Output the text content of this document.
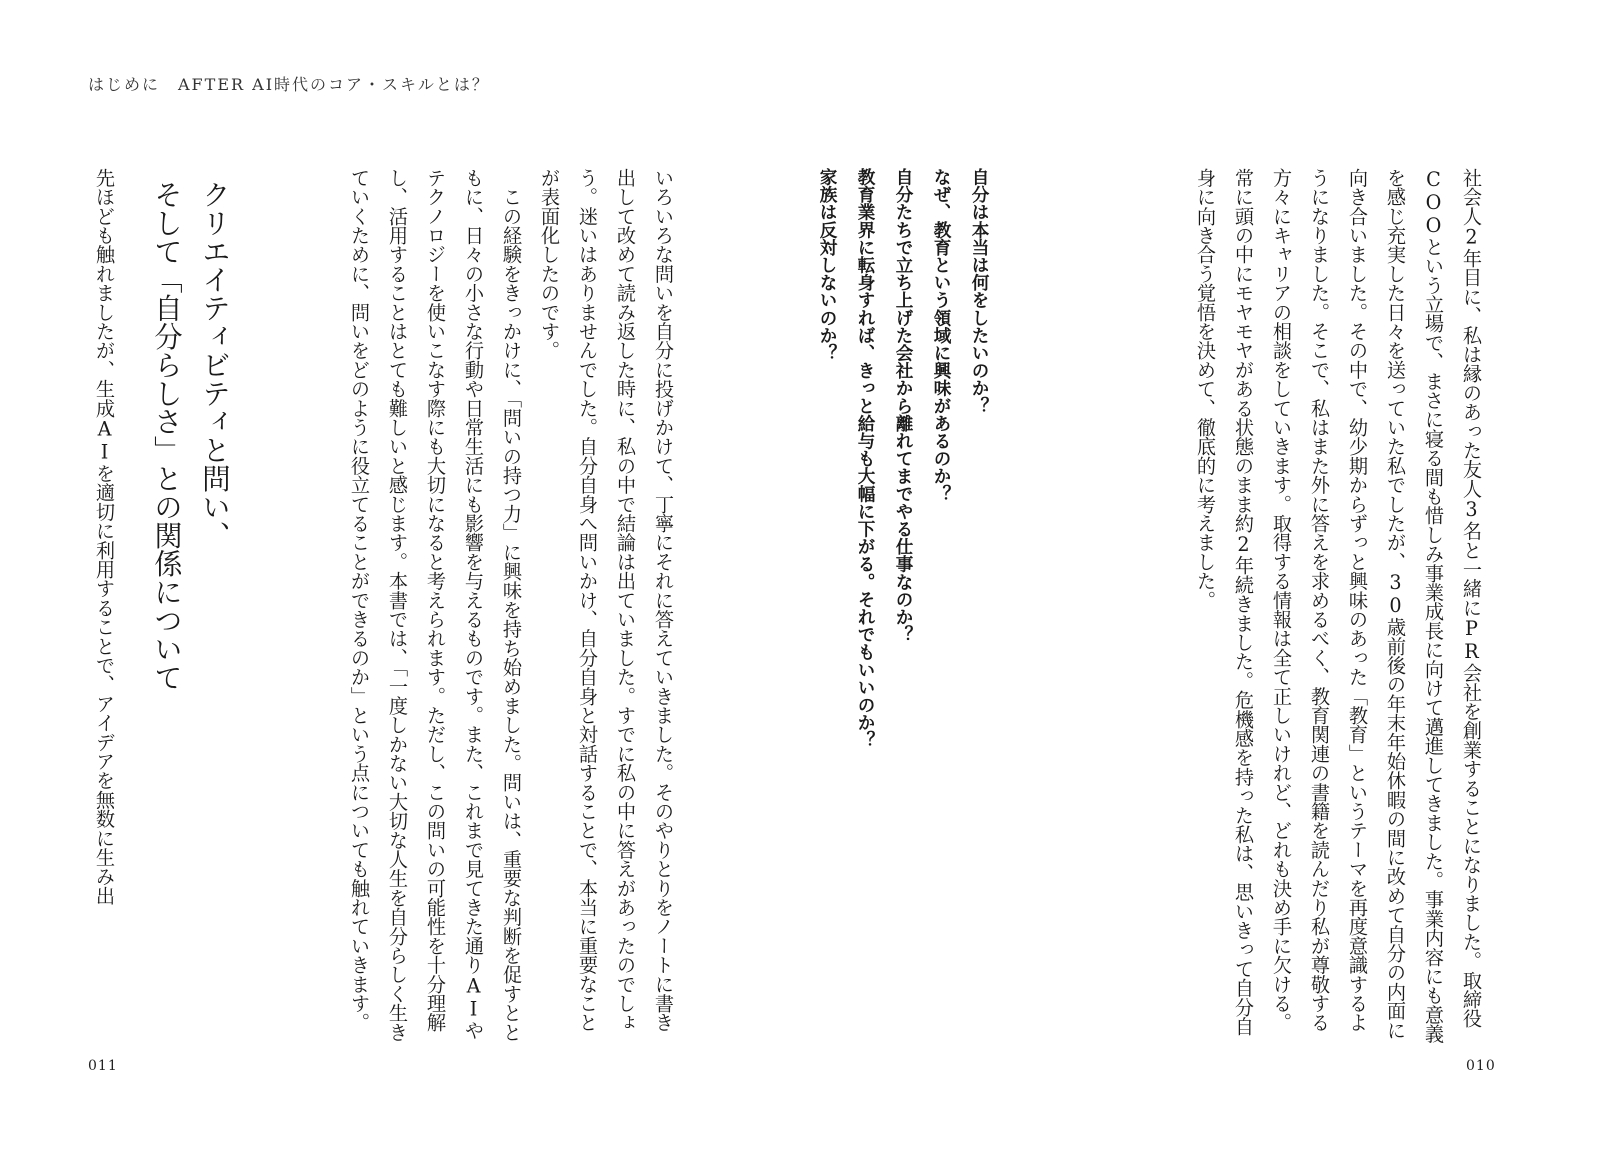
はじめに　AFTER AI時代のコア・スキルとは？
社会人2年目に、私は縁のあった友人3名と一緒にPR会社を創業することになりました。取締役COOという立場で、まさに寝る間も惜しみ事業成長に向けて邁進してきました。事業内容にも意義を感じ充実した日々を送っていた私でしたが、30歳前後の年末年始休暇の間に改めて自分の内面に向き合いました。その中で、幼少期からずっと興味のあった「教育」というテーマを再度意識するようになりました。そこで、私はまた外に答えを求めるべく、教育関連の書籍を読んだり私が尊敬する方々にキャリアの相談をしていきます。取得する情報は全て正しいけれど、どれも決め手に欠ける。常に頭の中にモヤモヤがある状態のまま約2年続きました。危機感を持った私は、思いきって自分自身に向き合う覚悟を決めて、徹底的に考えました。
自分は本当は何をしたいのか？
なぜ、教育という領域に興味があるのか？
自分たちで立ち上げた会社から離れてまでやる仕事なのか？
教育業界に転身すれば、きっと給与も大幅に下がる。それでもいいのか？
家族は反対しないのか？
いろいろな問いを自分に投げかけて、丁寧にそれに答えていきました。そのやりとりをノートに書き出して改めて読み返した時に、私の中で結論は出ていました。すでに私の中に答えがあったのでしょう。迷いはありませんでした。自分自身へ問いかけ、自分自身と対話することで、本当に重要なことが表面化したのです。
　この経験をきっかけに、「問いの持つ力」に興味を持ち始めました。問いは、重要な判断を促すとともに、日々の小さな行動や日常生活にも影響を与えるものです。また、これまで見てきた通りAIやテクノロジーを使いこなす際にも大切になると考えられます。ただし、この問いの可能性を十分理解し、活用することはとても難しいと感じます。本書では、「一度しかない大切な人生を自分らしく生きていくために、問いをどのように役立てることができるのか」という点についても触れていきます。
クリエイティビティと問い、
そして「自分らしさ」との関係について
先ほども触れましたが、生成AIを適切に利用することで、アイデアを無数に生み出
011	010
